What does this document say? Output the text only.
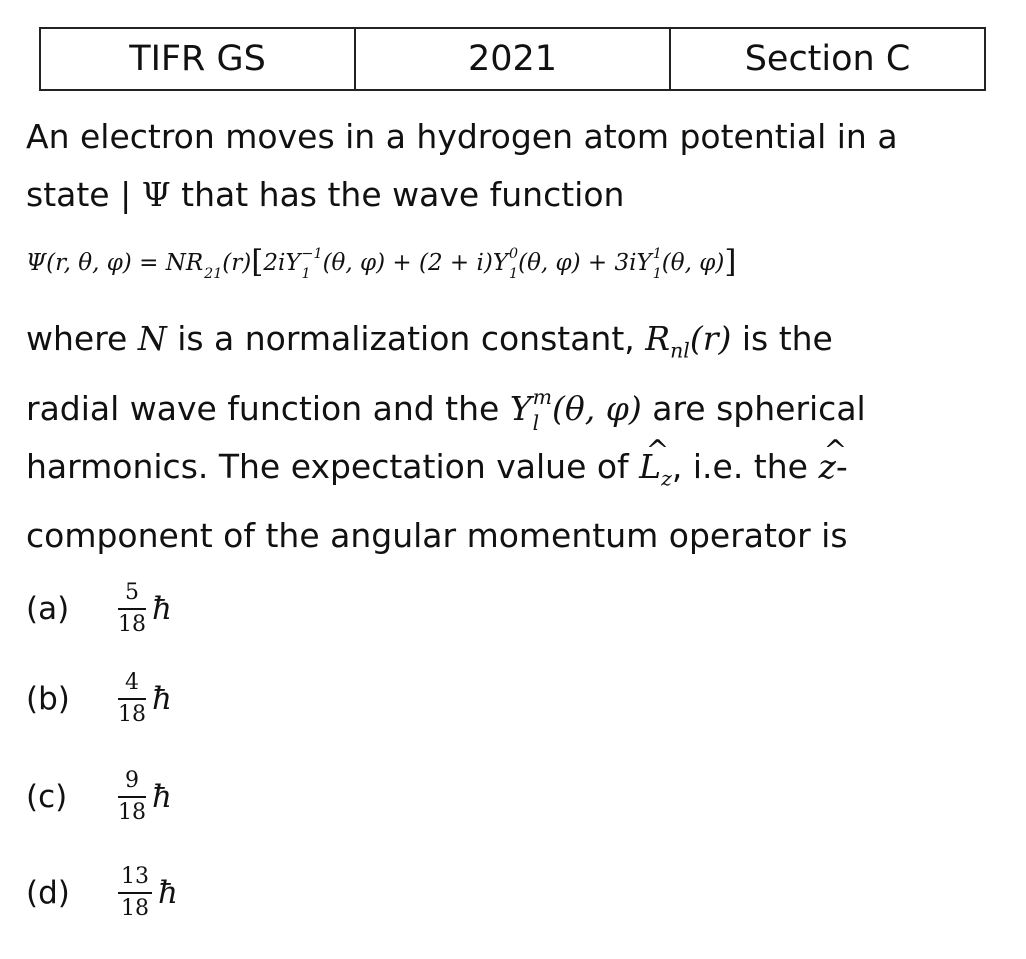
TIFR GS	2021	Section C
An electron moves in a hydrogen atom potential in a
state | Ψ that has the wave function
Ψ(r, θ, φ) = NR
21 (r)[2iY −1
1 (θ, φ) + (2 + i)Y 0
1 (θ, φ) + 3iY 1
1 (θ, φ)]
where N is a normalization constant, $R_{nl}(r)$ is the
radial wave function and the Y m
l (θ, φ) are spherical
harmonics. The expectation value of ^ $L_z$, i.e. the ^ z-
component of the angular momentum operator is
(a)	$\frac{5}{18}$ ħ
(b)	$\frac{4}{18}$ ħ
(c)	$\frac{9}{18}$ ħ
(d)	$\frac{13}{18}$ ħ
